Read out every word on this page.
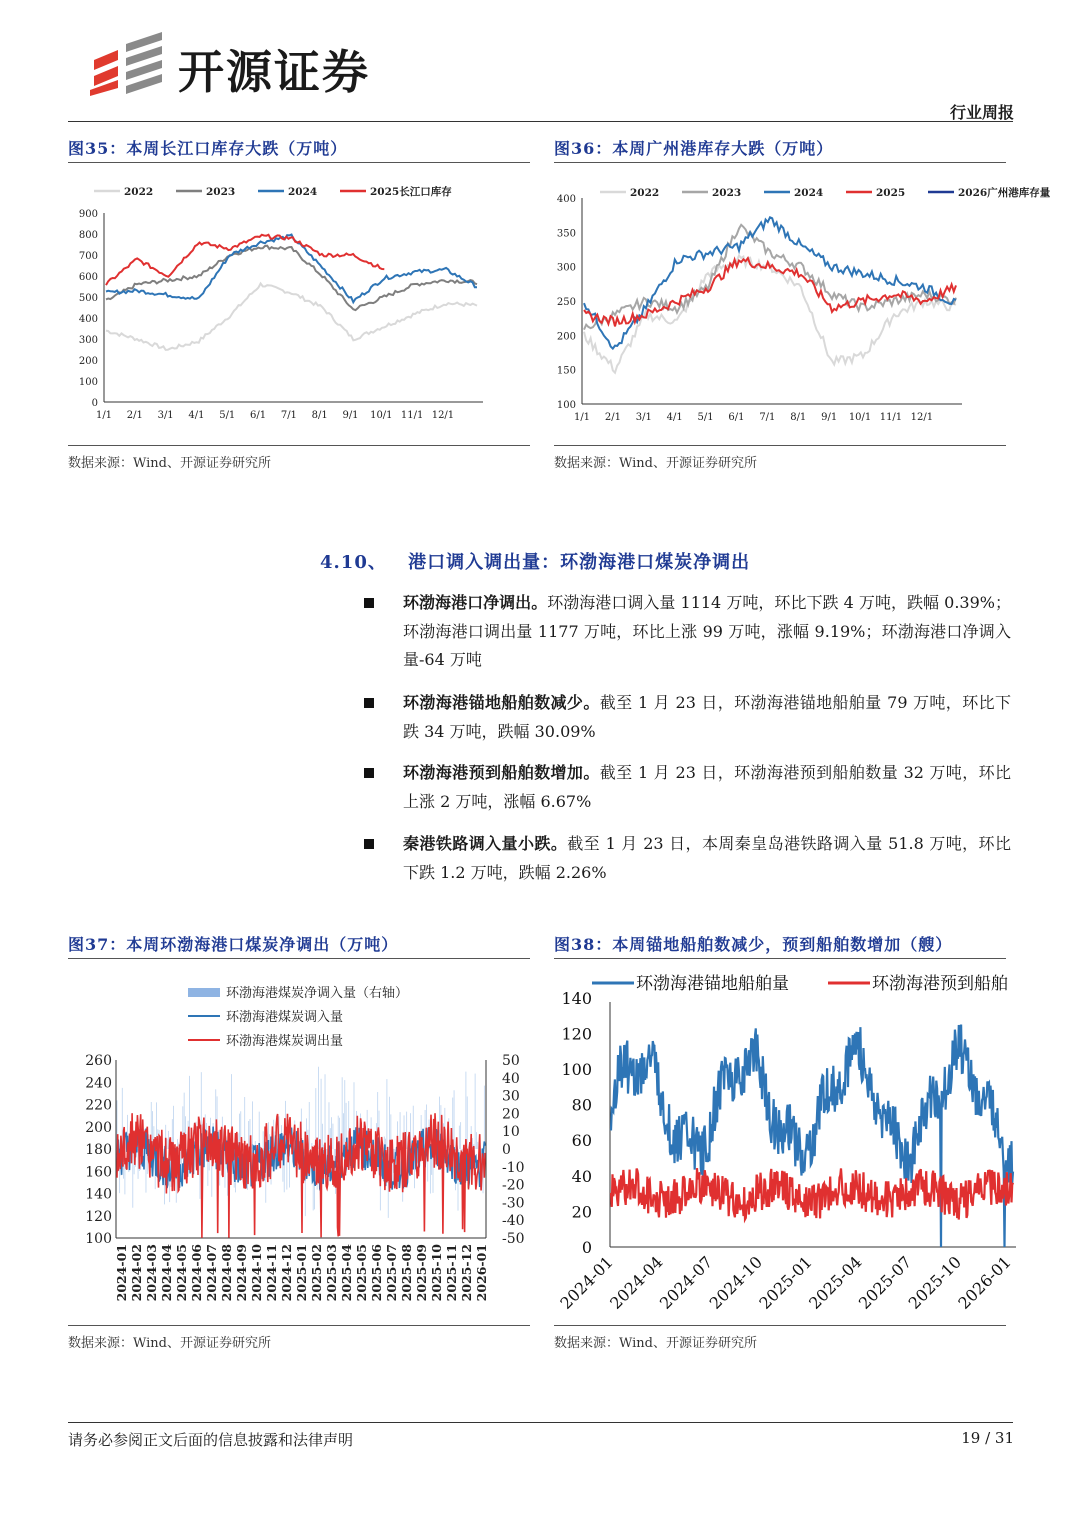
开源证券
行业周报
图35：本周长江口库存大跌（万吨）
0
100
200
300
400
500
600
700
800
900
1/1 2/1 3/1 4/1 5/1 6/1 7/1 8/1 9/1 10/1 11/1 12/1
2022	2023	2024	2025长江口库存
数据来源：Wind、开源证券研究所
图36：本周广州港库存大跌（万吨）
100
150
200
250
300
350
400
1/1 2/1 3/1 4/1 5/1 6/1 7/1 8/1 9/1 10/1 11/1 12/1
2022	2023	2024	2025	2026广州港库存量
数据来源：Wind、开源证券研究所
4.10、 港口调入调出量：环渤海港口煤炭净调出
环渤海港口净调出。环渤海港口调入量 1114 万吨，环比下跌 4 万吨，跌幅 0.39%；环渤海港口调出量 1177 万吨，环比上涨 99 万吨，涨幅 9.19%；环渤海港口净调入量-64 万吨
环渤海港锚地船舶数减少。截至 1 月 23 日，环渤海港锚地船舶量 79 万吨，环比下跌 34 万吨，跌幅 30.09%
环渤海港预到船舶数增加。截至 1 月 23 日，环渤海港预到船舶数量 32 万吨，环比上涨 2 万吨，涨幅 6.67%
秦港铁路调入量小跌。截至 1 月 23 日，本周秦皇岛港铁路调入量 51.8 万吨，环比下跌 1.2 万吨，跌幅 2.26%
图37：本周环渤海港口煤炭净调出（万吨）
环渤海港煤炭净调入量（右轴）
环渤海港煤炭调入量
环渤海港煤炭调出量
100
120
140
160
180
200
220
240
260
-50
-40
-30
-20
-10
0
10
20
30
40
50
2024-01 2024-02 2024-03 2024-04 2024-05 2024-06 2024-07 2024-08 2024-09 2024-10 2024-11 2024-12 2025-01 2025-02 2025-03 2025-04 2025-05 2025-06 2025-07 2025-08 2025-09 2025-10 2025-11 2025-12 2026-01
数据来源：Wind、开源证券研究所
图38：本周锚地船舶数减少，预到船舶数增加（艘）
环渤海港锚地船舶量	环渤海港预到船舶
0
20
40
60
80
100
120
140
2024-01
2024-04
2024-07
2024-10
2025-01
2025-04
2025-07
2025-10
2026-01
数据来源：Wind、开源证券研究所
请务必参阅正文后面的信息披露和法律声明	19 / 31
